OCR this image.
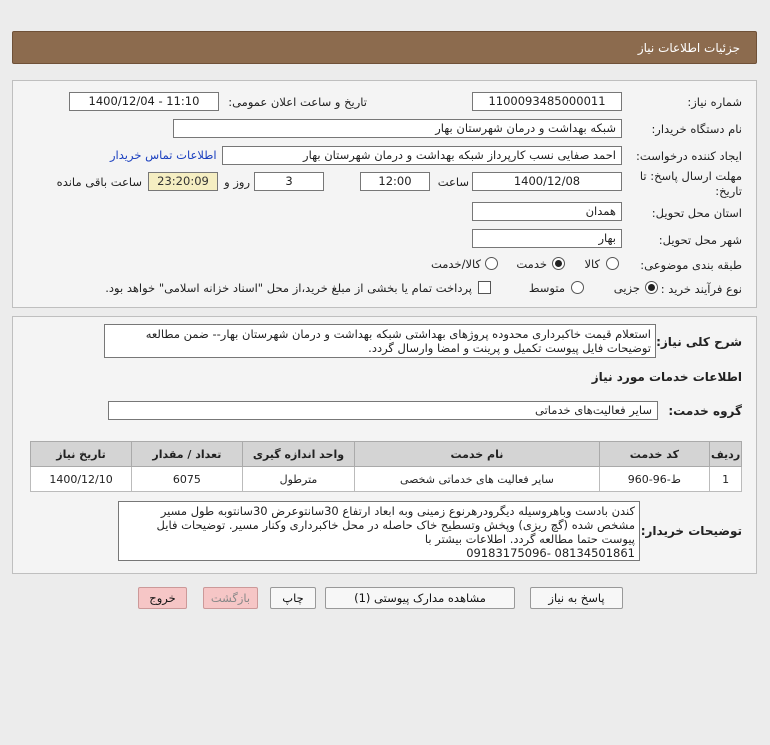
جزئیات اطلاعات نیاز
شماره نیاز:
1100093485000011
تاریخ و ساعت اعلان عمومی:
1400/12/04 - 11:10
نام دستگاه خریدار:
شبکه بهداشت و درمان شهرستان بهار
ایجاد کننده درخواست:
احمد صفایی نسب کارپرداز شبکه بهداشت و درمان شهرستان بهار
اطلاعات تماس خریدار
مهلت ارسال پاسخ: تا
تاریخ:
1400/12/08
ساعت
12:00
3
روز و
23:20:09
ساعت باقی مانده
استان محل تحویل:
همدان
شهر محل تحویل:
بهار
طبقه بندی موضوعی:
کالا
خدمت
کالا/خدمت
نوع فرآیند خرید :
جزیی
متوسط
پرداخت تمام یا بخشی از مبلغ خرید،از محل "اسناد خزانه اسلامی" خواهد بود.
شرح کلی نیاز:
استعلام قیمت خاکبرداری محدوده پروژهای بهداشتی شبکه بهداشت و درمان شهرستان بهار-- ضمن مطالعه توضیحات فایل پیوست تکمیل و پرینت و امضا وارسال گردد.
اطلاعات خدمات مورد نیاز
گروه خدمت:
سایر فعالیت‌های خدماتی
تاریخ نیاز	تعداد / مقدار	واحد اندازه گیری	نام خدمت	کد خدمت	ردیف
1400/12/10	6075	مترطول	سایر فعالیت های خدماتی شخصی	ط-96-960	1
توضیحات خریدار:
کندن بادست وباهروسیله دیگرودرهرنوع زمینی وبه ابعاد ارتفاع 30سانتوعرض 30سانتوبه طول مسیر
مشخص شده (گچ ریزی) وپخش وتسطیح خاک حاصله در محل خاکبرداری وکنار مسیر. توضیحات فایل
پیوست حتما مطالعه گردد. اطلاعات بیشتر با
08134501861 -09183175096
پاسخ به نیاز
مشاهده مدارک پیوستی (1)
چاپ
بازگشت
خروج
